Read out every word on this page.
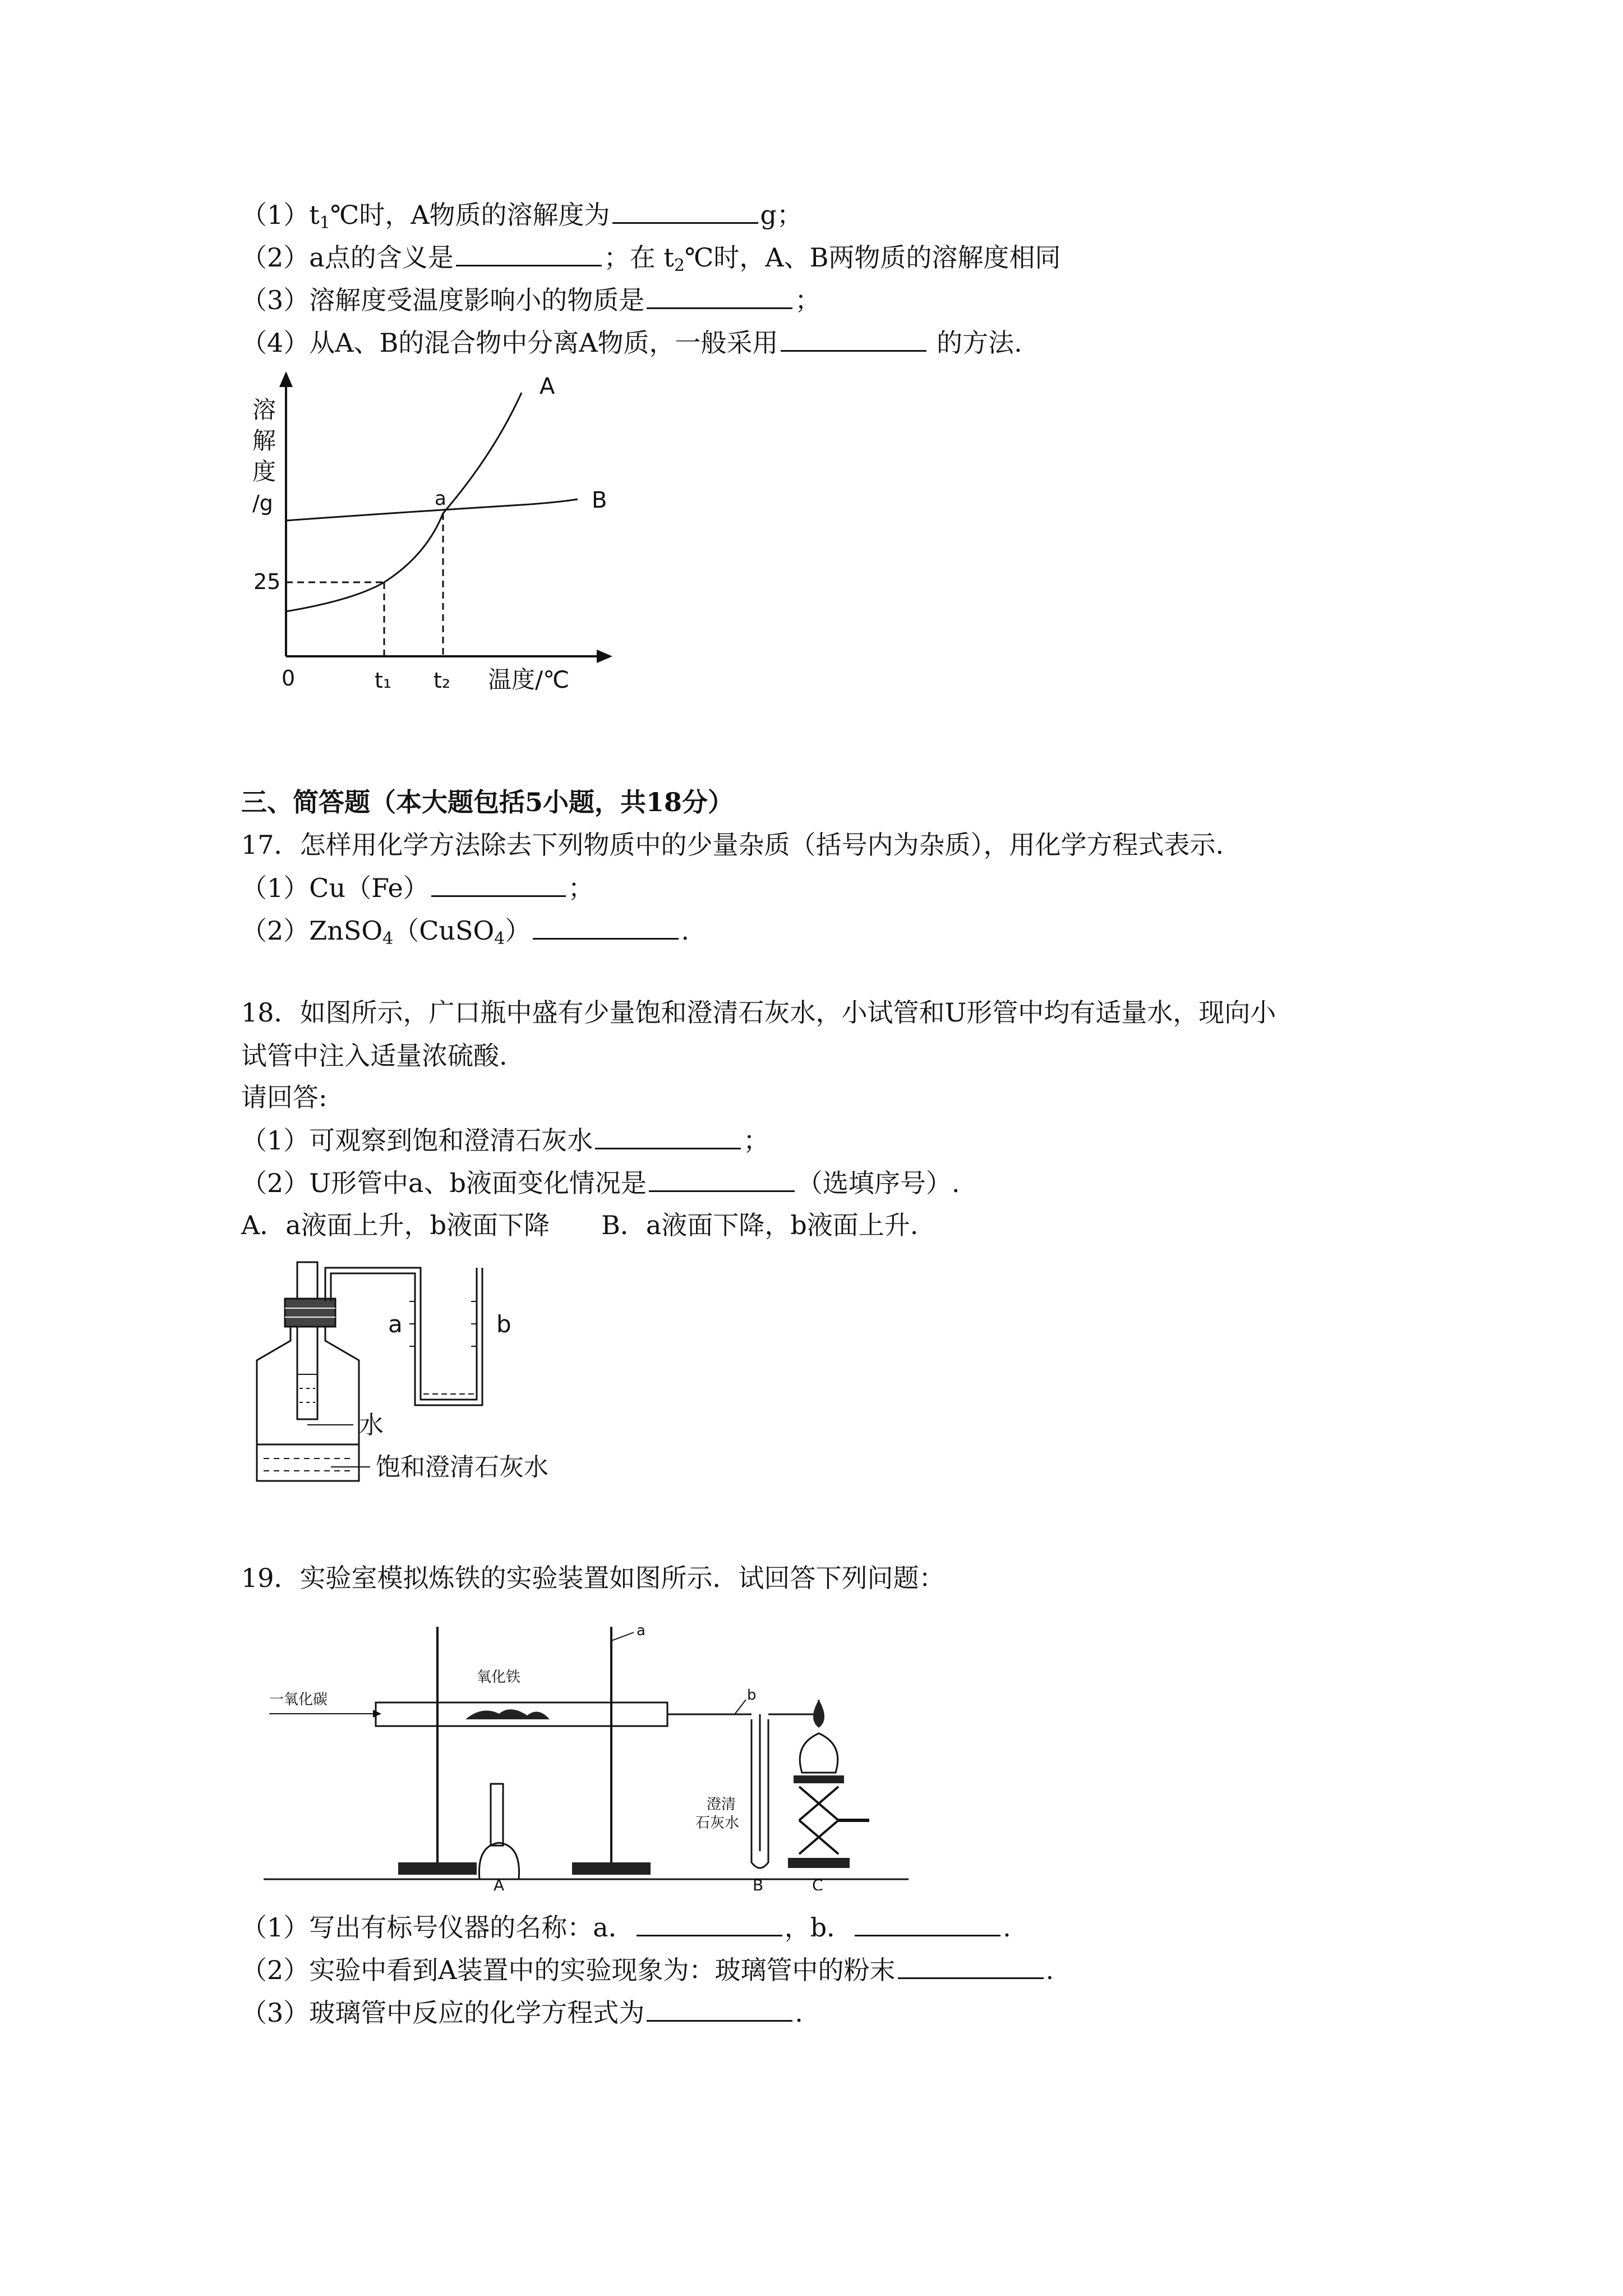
$(1)t_1℃$时，A物质的溶解度为	g；
（2）a点的含义是	；在 $t_2℃$时，A、B两物质的溶解度相同
（3）溶解度受温度影响小的物质是	；
（4）从A、B的混合物中分离A物质，一般采用	的方法.
溶
解
度
/g	a
A
B
25
0	t₁ t₂ 温度/℃
三、简答题（本大题包括5小题，共18分）
17．怎样用化学方法除去下列物质中的少量杂质（括号内为杂质），用化学方程式表示.
（1）Cu（Fe）	；
（2）ZnSO$_4$（CuSO$_4$）	.
18．如图所示，广口瓶中盛有少量饱和澄清石灰水，小试管和U形管中均有适量水，现向小
试管中注入适量浓硫酸.
请回答:
（1）可观察到饱和澄清石灰水	；
（2）U形管中a、b液面变化情况是	（选填序号）.
A．a液面上升，b液面下降　　B．a液面下降，b液面上升.
a	b
水
饱和澄清石灰水
19．实验室模拟炼铁的实验装置如图所示．试回答下列问题：
一氧化碳
氧化铁
a
b
A
澄清
石灰水
B	C
（1）写出有标号仪器的名称：a．	，b．	.
（2）实验中看到A装置中的实验现象为：玻璃管中的粉末	.
（3）玻璃管中反应的化学方程式为	.
